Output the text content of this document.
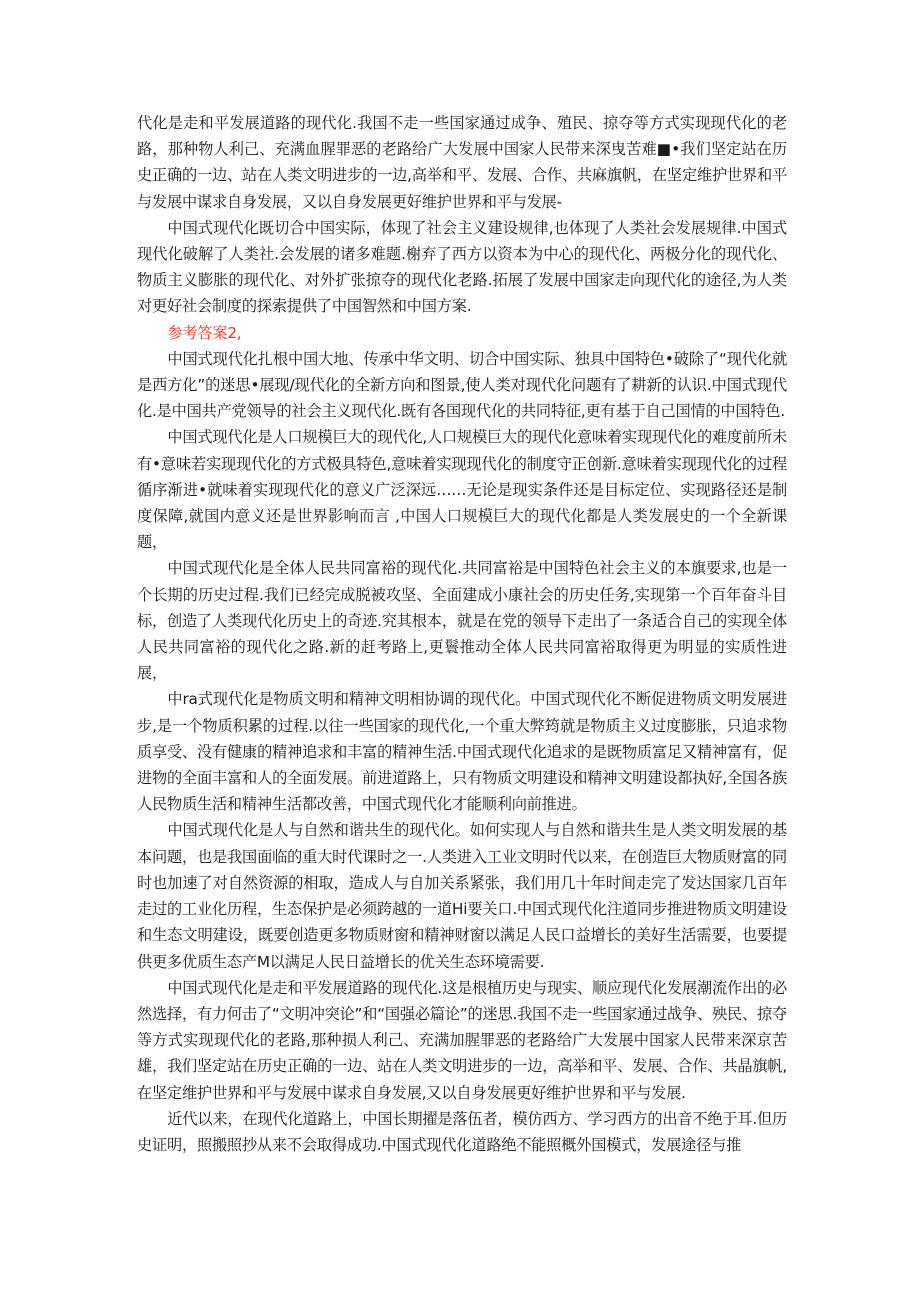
代化是走和平发展道路的现代化.我国不走一些国家通过成争、殖民、掠夺等方式实现现代化的老路，那种物人利己、充满血腥罪恶的老路给广大发展中国家人民带来深曳苦难■•我们坚定站在历史正确的一边、站在人类文明进步的一边,高举和平、发展、合作、共麻旗帆，在坚定维护世界和平与发展中谋求自身发展，又以自身发展更好维护世界和平与发展-

中国式现代化既切合中国实际，体现了社会主义建设规律,也体现了人类社会发展规律.中国式现代化破解了人类社.会发展的诸多难题.榭弃了西方以资本为中心的现代化、两极分化的现代化、物质主义膨胀的现代化、对外扩张掠夺的现代化老路.拓展了发展中国家走向现代化的途径,为人类对更好社会制度的探索提供了中国智然和中国方案.

参考答案2,

中国式现代化扎根中国大地、传承中华文明、切合中国实际、独具中国特色•破除了“现代化就是西方化”的迷思•展现/现代化的全新方向和图景,使人类对现代化问题有了耕新的认识.中国式现代化.是中国共产党领导的社会主义现代化.既有各国现代化的共同特征,更有基于自己国情的中国特色.

中国式现代化是人口规模巨大的现代化,人口规模巨大的现代化意味着实现现代化的难度前所未有•意味若实现现代化的方式极具特色,意味着实现现代化的制度守正创新.意味着实现现代化的过程循序渐进•就味着实现现代化的意义广泛深远……无论是现实条件还是目标定位、实现路径还是制度保障,就国内意义还是世界影响而言 ,中国人口规模巨大的现代化都是人类发展史的一个全新课题，

中国式现代化是全体人民共同富裕的现代化.共同富裕是中国特色社会主义的本旗要求,也是一个长期的历史过程.我们已经完成脱被攻坚、全面建成小康社会的历史任务,实现第一个百年奋斗目标，创造了人类现代化历史上的奇迹.究其根本，就是在党的领导下走出了一条适合自己的实现全体人民共同富裕的现代化之路.新的赶考路上,更鬟推动全体人民共同富裕取得更为明显的实质性进展，

中ra式现代化是物质文明和精神文明相协调的现代化。中国式现代化不断促进物质文明发展进步,是一个物质积累的过程.以往一些国家的现代化,一个重大弊筠就是物质主义过度膨胀，只追求物质享受、没有健康的精神追求和丰富的精神生活.中国式现代化追求的是既物质富足又精神富有，促进物的全面丰富和人的全面发展。前进道路上，只有物质文明建设和精神文明建设都执好,全国各族人民物质生活和精神生活都改善，中国式现代化才能顺利向前推进。

中国式现代化是人与自然和谐共生的现代化。如何实现人与自然和谐共生是人类文明发展的基本问题，也是我国面临的重大时代课时之一.人类进入工业文明时代以来，在创造巨大物质财富的同时也加速了对自然资源的相取，造成人与自加关系紧张，我们用几十年时间走完了发达国家几百年走过的工业化历程，生态保护是必须跨越的一道Hi要关口.中国式现代化注道同步推进物质文明建设和生态文明建设，既要创造更多物质财窗和精神财窗以满足人民口益增长的美好生活需要，也要提供更多优质生态产M以满足人民日益增长的优关生态环境需要.

中国式现代化是走和平发展道路的现代化.这是根植历史与现实、顺应现代化发展潮流作出的必然选择，有力何击了“文明冲突论”和“国强必篇论”的迷思.我国不走一些国家通过战争、殃民、掠夺等方式实现现代化的老路,那种损人利己、充满加腥罪恶的老路给广大发展中国家人民带来深京苦雄，我们坚定站在历史正确的一边、站在人类文明进步的一边，高举和平、发展、合作、共晶旗帆,在坚定维护世界和平与发展中谋求自身发展,又以自身发展更好维护世界和平与发展.

近代以来，在现代化道路上，中国长期擢是落伍者，模仿西方、学习西方的出音不绝于耳.但历史证明，照搬照抄从来不会取得成功.中国式现代化道路绝不能照概外国模式，发展途径与推
